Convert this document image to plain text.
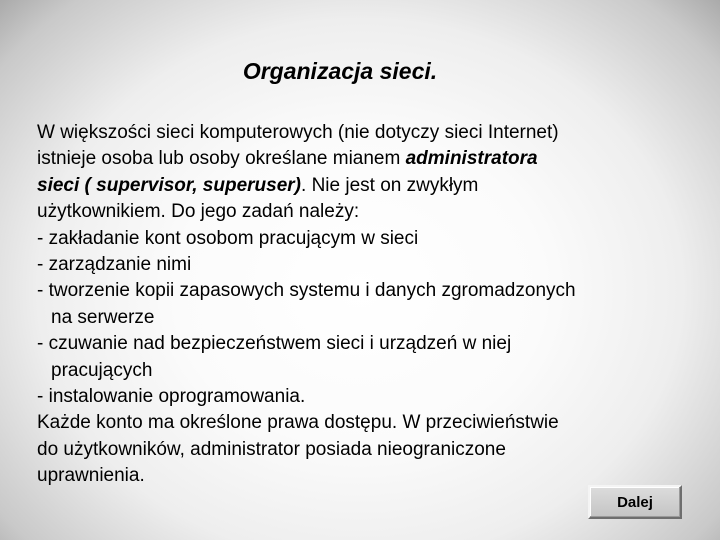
Organizacja sieci.
W większości sieci komputerowych (nie dotyczy sieci Internet)
istnieje osoba lub osoby określane mianem administratora
sieci ( supervisor, superuser). Nie jest on zwykłym
użytkownikiem. Do jego zadań należy:
- zakładanie kont osobom pracującym w sieci
- zarządzanie nimi
- tworzenie kopii zapasowych systemu i danych zgromadzonych
na serwerze
- czuwanie nad bezpieczeństwem sieci i urządzeń w niej
pracujących
- instalowanie oprogramowania.
Każde konto ma określone prawa dostępu. W przeciwieństwie
do użytkowników, administrator posiada nieograniczone
uprawnienia.
Dalej
